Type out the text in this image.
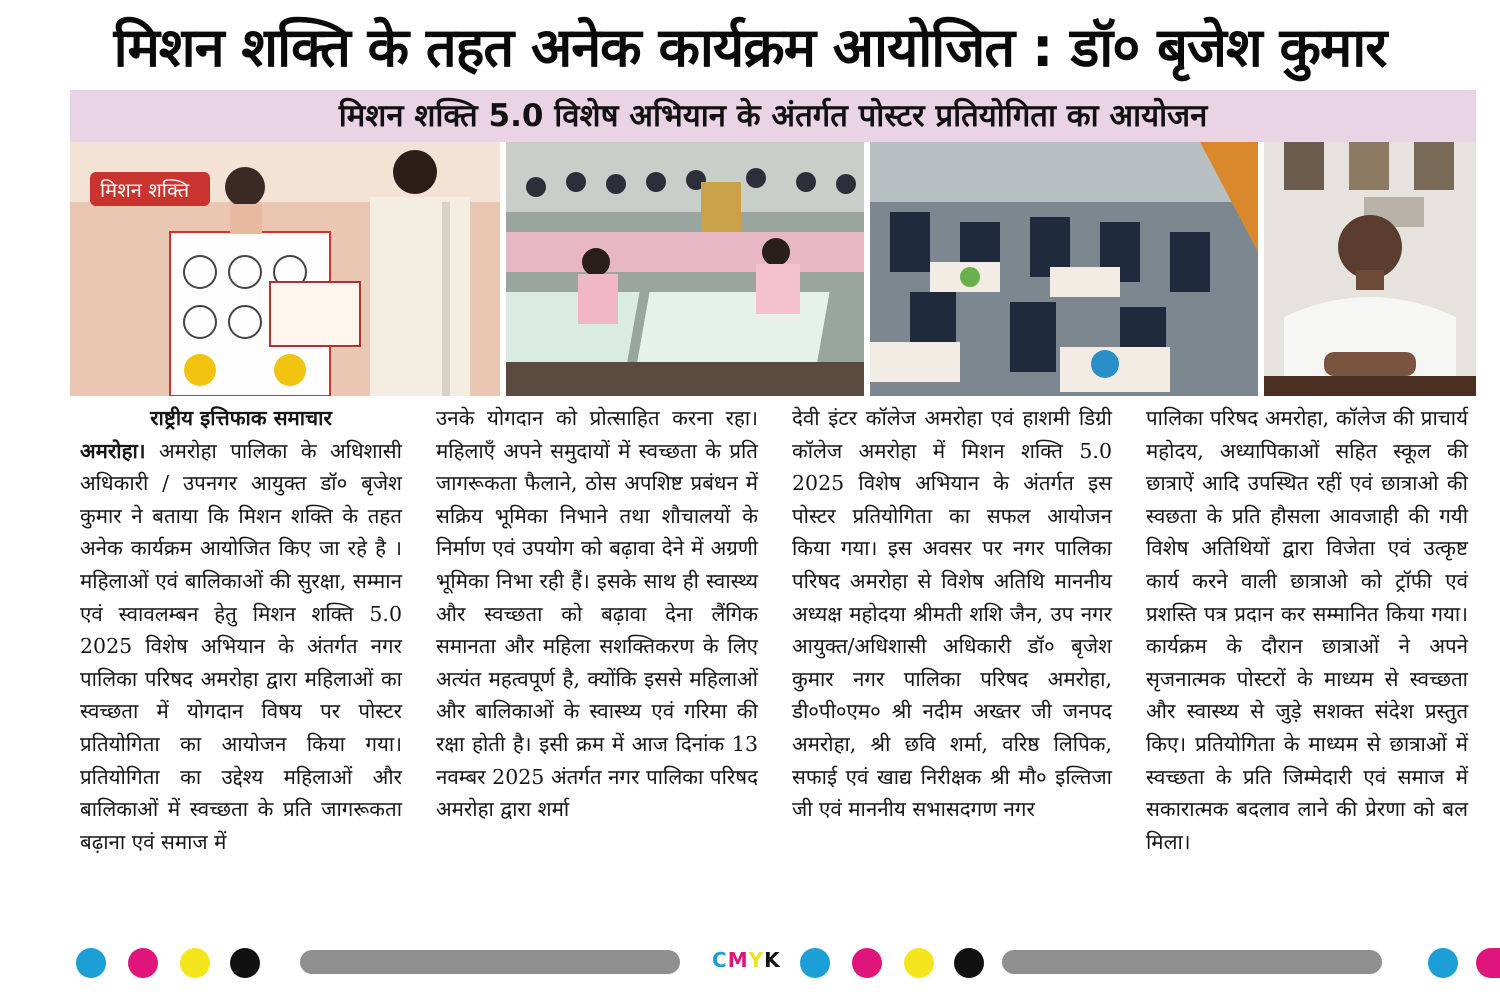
मिशन शक्ति के तहत अनेक कार्यक्रम आयोजित : डॉ० बृजेश कुमार
मिशन शक्ति 5.0 विशेष अभियान के अंतर्गत पोस्टर प्रतियोगिता का आयोजन
मिशन शक्ति
राष्ट्रीय इत्तिफाक समाचार

अमरोहा। अमरोहा पालिका के अधिशासी अधिकारी / उपनगर आयुक्त डॉ० बृजेश कुमार ने बताया कि मिशन शक्ति के तहत अनेक कार्यक्रम आयोजित किए जा रहे है । महिलाओं एवं बालिकाओं की सुरक्षा, सम्मान एवं स्वावलम्बन हेतु मिशन शक्ति 5.0 2025 विशेष अभियान के अंतर्गत नगर पालिका परिषद अमरोहा द्वारा महिलाओं का स्वच्छता में योगदान विषय पर पोस्टर प्रतियोगिता का आयोजन किया गया। प्रतियोगिता का उद्देश्य महिलाओं और बालिकाओं में स्वच्छता के प्रति जागरूकता बढ़ाना एवं समाज में

उनके योगदान को प्रोत्साहित करना रहा। महिलाएँ अपने समुदायों में स्वच्छता के प्रति जागरूकता फैलाने, ठोस अपशिष्ट प्रबंधन में सक्रिय भूमिका निभाने तथा शौचालयों के निर्माण एवं उपयोग को बढ़ावा देने में अग्रणी भूमिका निभा रही हैं। इसके साथ ही स्वास्थ्य और स्वच्छता को बढ़ावा देना लैंगिक समानता और महिला सशक्तिकरण के लिए अत्यंत महत्वपूर्ण है, क्योंकि इससे महिलाओं और बालिकाओं के स्वास्थ्य एवं गरिमा की रक्षा होती है। इसी क्रम में आज दिनांक 13 नवम्बर 2025 अंतर्गत नगर पालिका परिषद अमरोहा द्वारा शर्मा

देवी इंटर कॉलेज अमरोहा एवं हाशमी डिग्री कॉलेज अमरोहा में मिशन शक्ति 5.0 2025 विशेष अभियान के अंतर्गत इस पोस्टर प्रतियोगिता का सफल आयोजन किया गया। इस अवसर पर नगर पालिका परिषद अमरोहा से विशेष अतिथि माननीय अध्यक्ष महोदया श्रीमती शशि जैन, उप नगर आयुक्त/अधिशासी अधिकारी डॉ० बृजेश कुमार नगर पालिका परिषद अमरोहा, डी०पी०एम० श्री नदीम अख्तर जी जनपद अमरोहा, श्री छवि शर्मा, वरिष्ठ लिपिक, सफाई एवं खाद्य निरीक्षक श्री मौ० इल्तिजा जी एवं माननीय सभासदगण नगर

पालिका परिषद अमरोहा, कॉलेज की प्राचार्य महोदय, अध्यापिकाओं सहित स्कूल की छात्राऐं आदि उपस्थित रहीं एवं छात्राओ की स्वछता के प्रति हौसला आवजाही की गयी विशेष अतिथियों द्वारा विजेता एवं उत्कृष्ट कार्य करने वाली छात्राओ को ट्रॉफी एवं प्रशस्ति पत्र प्रदान कर सम्मानित किया गया। कार्यक्रम के दौरान छात्राओं ने अपने सृजनात्मक पोस्टरों के माध्यम से स्वच्छता और स्वास्थ्य से जुड़े सशक्त संदेश प्रस्तुत किए। प्रतियोगिता के माध्यम से छात्राओं में स्वच्छता के प्रति जिम्मेदारी एवं समाज में सकारात्मक बदलाव लाने की प्रेरणा को बल मिला।

CMYK
